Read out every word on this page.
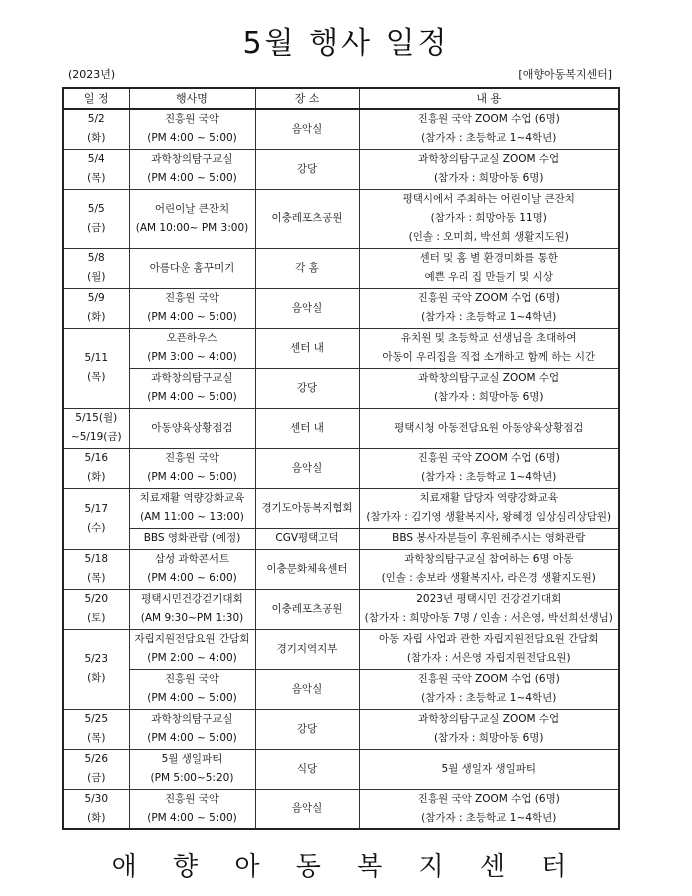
5월 행사 일정
(2023년)	[애향아동복지센터]
일 정	행사명	장 소	내 용

5/2
(화)	진흥원 국악
(PM 4:00 ~ 5:00)	음악실	진흥원 국악 ZOOM 수업 (6명)
(참가자 : 초등학교 1~4학년)

5/4
(목)	과학창의탐구교실
(PM 4:00 ~ 5:00)	강당	과학창의탐구교실 ZOOM 수업
(참가자 : 희망아동 6명)

5/5
(금)	어린이날 큰잔치
(AM 10:00~ PM 3:00)	이충레포츠공원	평택시에서 주최하는 어린이날 큰잔치
(참가자 : 희망아동 11명)
(인솔 : 오미희, 박선희 생활지도원)

5/8
(월)	아름다운 홈꾸미기	각 홈	센터 및 홈 별 환경미화를 통한
예쁜 우리 집 만들기 및 시상

5/9
(화)	진흥원 국악
(PM 4:00 ~ 5:00)	음악실	진흥원 국악 ZOOM 수업 (6명)
(참가자 : 초등학교 1~4학년)

5/11
(목)	오픈하우스
(PM 3:00 ~ 4:00)	센터 내	유치원 및 초등학교 선생님을 초대하여
아동이 우리집을 직접 소개하고 함께 하는 시간

	과학창의탐구교실
(PM 4:00 ~ 5:00)	강당	과학창의탐구교실 ZOOM 수업
(참가자 : 희망아동 6명)

5/15(월)
~5/19(금)	아동양육상황점검	센터 내	평택시청 아동전담요원 아동양육상황점검

5/16
(화)	진흥원 국악
(PM 4:00 ~ 5:00)	음악실	진흥원 국악 ZOOM 수업 (6명)
(참가자 : 초등학교 1~4학년)

5/17
(수)	치료재활 역량강화교육
(AM 11:00 ~ 13:00)	경기도아동복지협회	치료재활 담당자 역량강화교육
(참가자 : 김기영 생활복지사, 왕혜정 임상심리상담원)

	BBS 영화관람 (예정)	CGV평택고덕	BBS 봉사자분들이 후원해주시는 영화관람

5/18
(목)	삼성 과학콘서트
(PM 4:00 ~ 6:00)	이충문화체육센터	과학창의탐구교실 참여하는 6명 아동
(인솔 : 송보라 생활복지사, 라은경 생활지도원)

5/20
(토)	평택시민건강걷기대회
(AM 9:30~PM 1:30)	이충레포츠공원	2023년 평택시민 건강걷기대회
(참가자 : 희망아동 7명 / 인솔 : 서은영, 박선희선생님)

5/23
(화)	자립지원전담요원 간담회
(PM 2:00 ~ 4:00)	경기지역지부	아동 자립 사업과 관한 자립지원전담요원 간담회
(참가자 : 서은영 자립지원전담요원)

	진흥원 국악
(PM 4:00 ~ 5:00)	음악실	진흥원 국악 ZOOM 수업 (6명)
(참가자 : 초등학교 1~4학년)

5/25
(목)	과학창의탐구교실
(PM 4:00 ~ 5:00)	강당	과학창의탐구교실 ZOOM 수업
(참가자 : 희망아동 6명)

5/26
(금)	5월 생일파티
(PM 5:00~5:20)	식당	5월 생일자 생일파티

5/30
(화)	진흥원 국악
(PM 4:00 ~ 5:00)	음악실	진흥원 국악 ZOOM 수업 (6명)
(참가자 : 초등학교 1~4학년)
애 향 아 동 복 지 센 터
